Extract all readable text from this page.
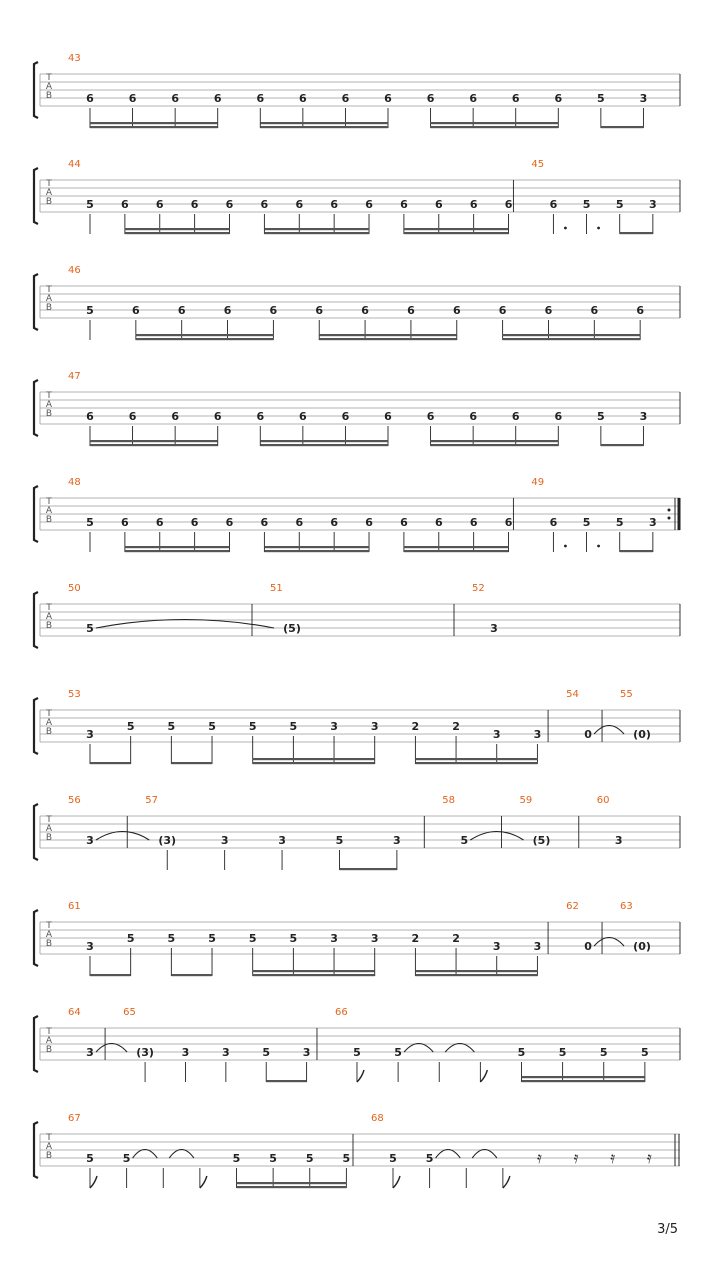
T
A
B
43
6	6	6	6	6	6	6	6	6	6	6	6	5	3
T
A
B
44
5 6 6 6 6 6 6 6 6 6 6 6 6
45
6 5 5 3
T
A
B
46
5	6	6	6	6	6	6	6	6	6	6	6	6
T
A
B
47
6	6	6	6	6	6	6	6	6	6	6	6	5	3
T
A
B
48
5 6 6 6 6 6 6 6 6 6 6 6 6
49
6 5 5 3
T
A
B
50
5
51
(5)
52
3
T
A
B
53
3
5	5	5	5	5	3	3	2	2
3	3
54
0
55
(0)
T
A
B
56
3
57
(3)	3	3	5	3
58
5
59
(5)
60
3
T
A
B
61
3
5	5	5	5	5	3	3	2	2
3	3
62
0
63
(0)
T
A
B
64
3
65
(3)	3	3	5	3
66
5	5	5	5	5	5
T
A
B
67
5	5	5	5	5	5
68
5	5	𝄿 𝄿 𝄿 𝄿
3/5
